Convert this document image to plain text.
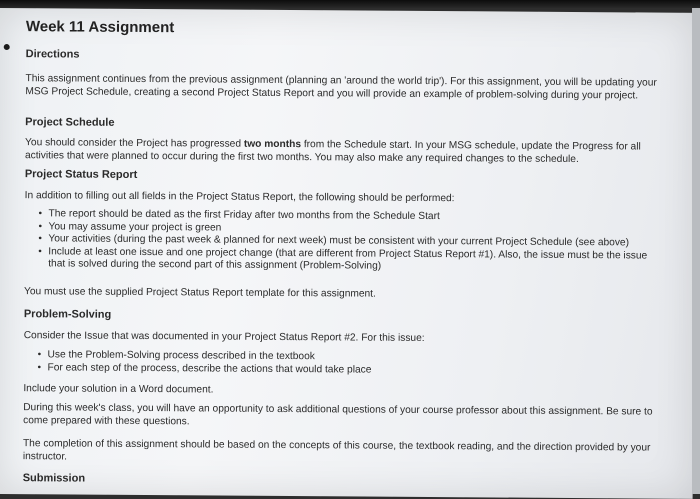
Week 11 Assignment
Directions

This assignment continues from the previous assignment (planning an 'around the world trip'). For this assignment, you will be updating your MSG Project Schedule, creating a second Project Status Report and you will provide an example of problem-solving during your project.

Project Schedule

You should consider the Project has progressed two months from the Schedule start. In your MSG schedule, update the Progress for all activities that were planned to occur during the first two months. You may also make any required changes to the schedule.

Project Status Report

In addition to filling out all fields in the Project Status Report, the following should be performed:

• The report should be dated as the first Friday after two months from the Schedule Start
• You may assume your project is green
• Your activities (during the past week & planned for next week) must be consistent with your current Project Schedule (see above)
• Include at least one issue and one project change (that are different from Project Status Report #1). Also, the issue must be the issue that is solved during the second part of this assignment (Problem-Solving)

You must use the supplied Project Status Report template for this assignment.

Problem-Solving

Consider the Issue that was documented in your Project Status Report #2. For this issue:

• Use the Problem-Solving process described in the textbook
• For each step of the process, describe the actions that would take place

Include your solution in a Word document.

During this week's class, you will have an opportunity to ask additional questions of your course professor about this assignment. Be sure to come prepared with these questions.

The completion of this assignment should be based on the concepts of this course, the textbook reading, and the direction provided by your instructor.

Submission
